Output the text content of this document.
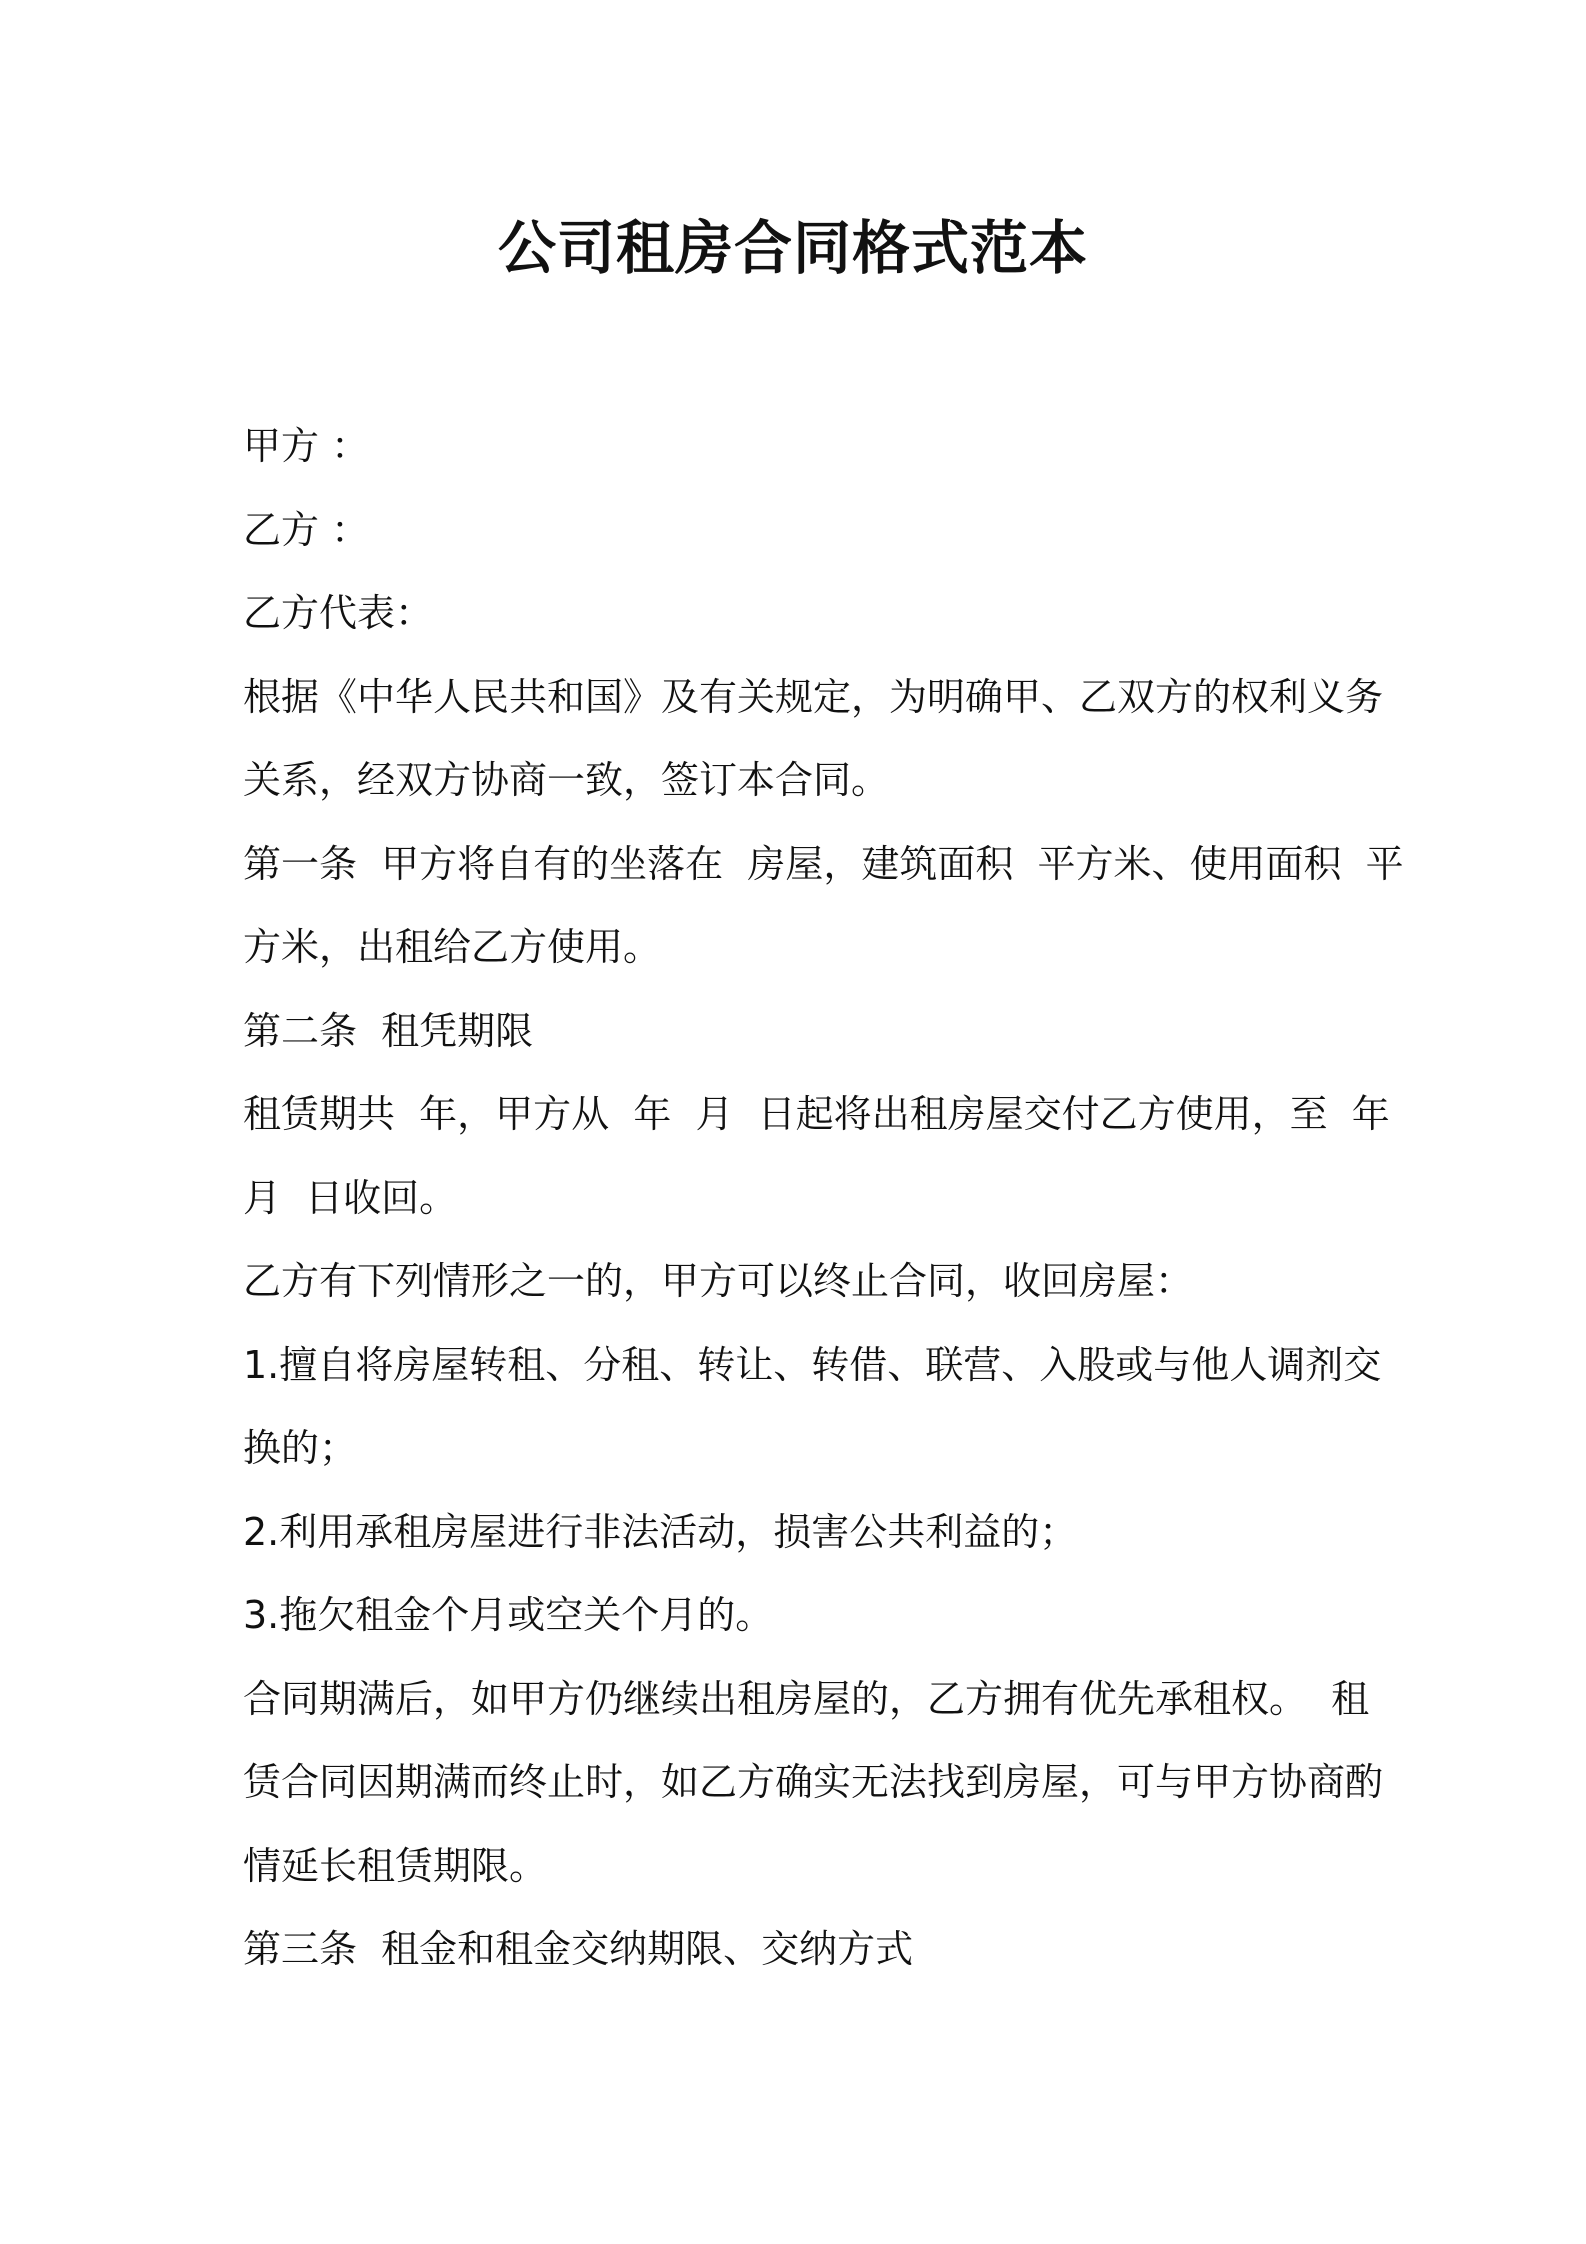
公司租房合同格式范本
甲方 ：
乙方 ：
乙方代表：
根据《中华人民共和国》及有关规定，为明确甲、乙双方的权利义务
关系，经双方协商一致，签订本合同。
第一条  甲方将自有的坐落在  房屋，建筑面积  平方米、使用面积  平
方米，出租给乙方使用。
第二条  租凭期限
租赁期共  年，甲方从  年  月  日起将出租房屋交付乙方使用，至  年
月  日收回。
乙方有下列情形之一的，甲方可以终止合同，收回房屋：
1.擅自将房屋转租、分租、转让、转借、联营、入股或与他人调剂交
换的；
2.利用承租房屋进行非法活动，损害公共利益的；
3.拖欠租金个月或空关个月的。
合同期满后，如甲方仍继续出租房屋的，乙方拥有优先承租权。  租
赁合同因期满而终止时，如乙方确实无法找到房屋，可与甲方协商酌
情延长租赁期限。
第三条  租金和租金交纳期限、交纳方式
